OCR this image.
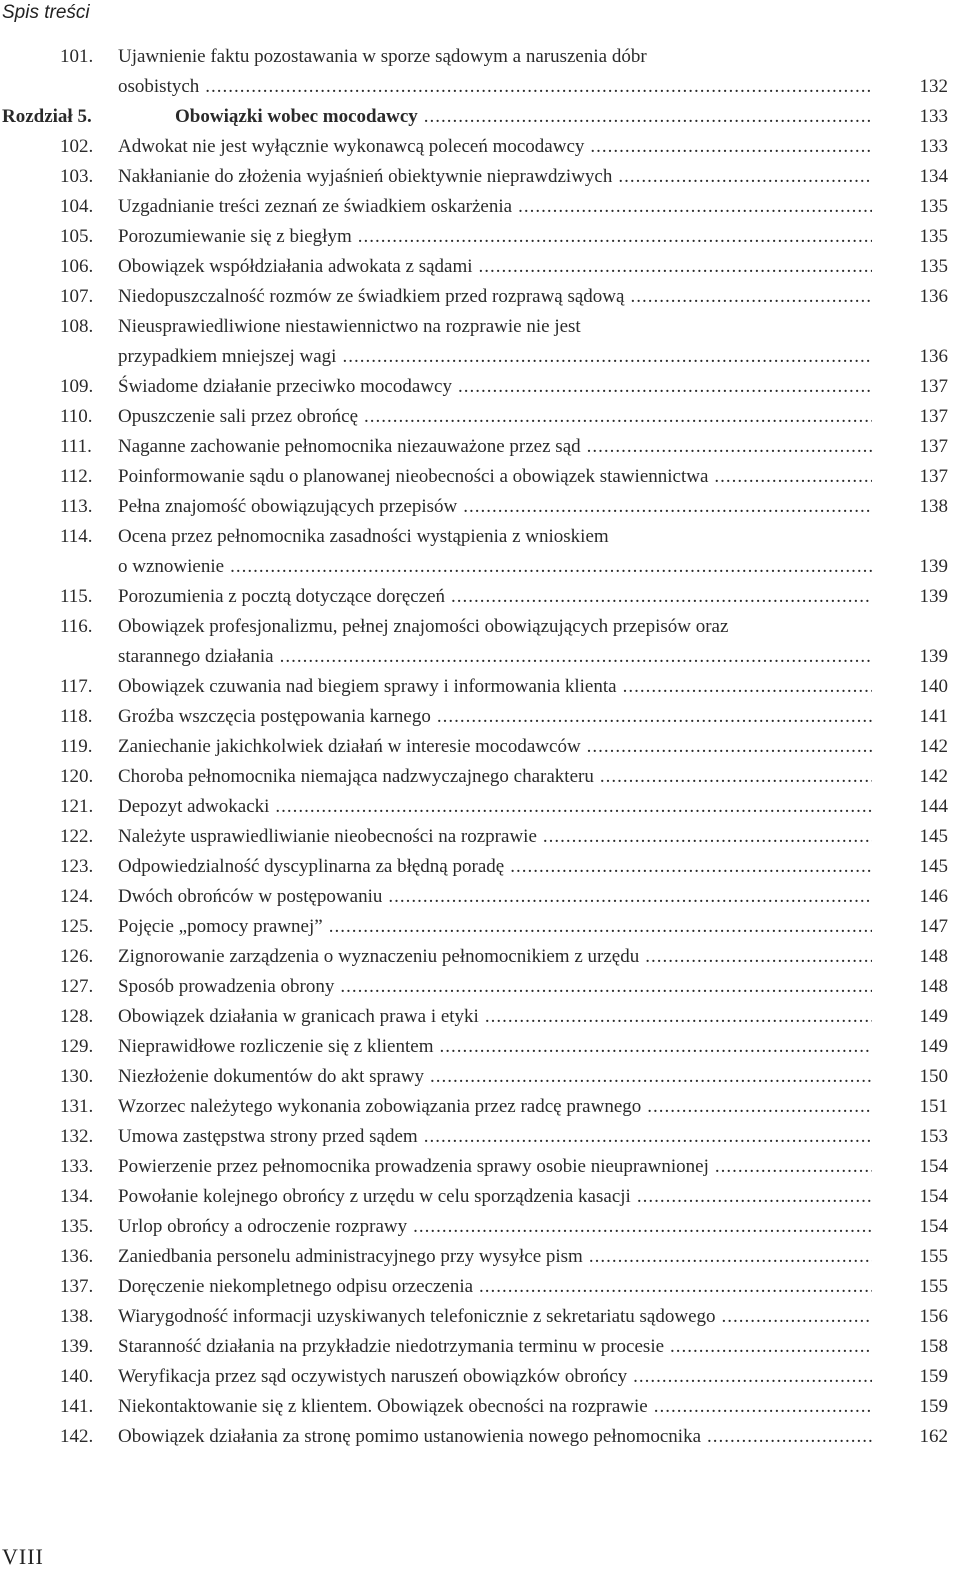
Spis treści
101.	Ujawnienie faktu pozostawania w sporze sądowym a naruszenia dóbr
osobistych .....	132
Rozdział 5.	Obowiązki wobec mocodawcy .....	133
102.	Adwokat nie jest wyłącznie wykonawcą poleceń mocodawcy .....	133
103.	Nakłanianie do złożenia wyjaśnień obiektywnie nieprawdziwych .....	134
104.	Uzgadnianie treści zeznań ze świadkiem oskarżenia .....	135
105.	Porozumiewanie się z biegłym .....	135
106.	Obowiązek współdziałania adwokata z sądami .....	135
107.	Niedopuszczalność rozmów ze świadkiem przed rozprawą sądową .....	136
108.	Nieusprawiedliwione niestawiennictwo na rozprawie nie jest
przypadkiem mniejszej wagi .....	136
109.	Świadome działanie przeciwko mocodawcy .....	137
110.	Opuszczenie sali przez obrońcę .....	137
111.	Naganne zachowanie pełnomocnika niezauważone przez sąd .....	137
112.	Poinformowanie sądu o planowanej nieobecności a obowiązek stawiennictwa .....	137
113.	Pełna znajomość obowiązujących przepisów .....	138
114.	Ocena przez pełnomocnika zasadności wystąpienia z wnioskiem
o wznowienie .....	139
115.	Porozumienia z pocztą dotyczące doręczeń .....	139
116.	Obowiązek profesjonalizmu, pełnej znajomości obowiązujących przepisów oraz
starannego działania .....	139
117.	Obowiązek czuwania nad biegiem sprawy i informowania klienta .....	140
118.	Groźba wszczęcia postępowania karnego .....	141
119.	Zaniechanie jakichkolwiek działań w interesie mocodawców .....	142
120.	Choroba pełnomocnika niemająca nadzwyczajnego charakteru .....	142
121.	Depozyt adwokacki .....	144
122.	Należyte usprawiedliwianie nieobecności na rozprawie .....	145
123.	Odpowiedzialność dyscyplinarna za błędną poradę .....	145
124.	Dwóch obrońców w postępowaniu .....	146
125.	Pojęcie „pomocy prawnej” .....	147
126.	Zignorowanie zarządzenia o wyznaczeniu pełnomocnikiem z urzędu .....	148
127.	Sposób prowadzenia obrony .....	148
128.	Obowiązek działania w granicach prawa i etyki .....	149
129.	Nieprawidłowe rozliczenie się z klientem .....	149
130.	Niezłożenie dokumentów do akt sprawy .....	150
131.	Wzorzec należytego wykonania zobowiązania przez radcę prawnego .....	151
132.	Umowa zastępstwa strony przed sądem .....	153
133.	Powierzenie przez pełnomocnika prowadzenia sprawy osobie nieuprawnionej .....	154
134.	Powołanie kolejnego obrońcy z urzędu w celu sporządzenia kasacji .....	154
135.	Urlop obrońcy a odroczenie rozprawy .....	154
136.	Zaniedbania personelu administracyjnego przy wysyłce pism .....	155
137.	Doręczenie niekompletnego odpisu orzeczenia .....	155
138.	Wiarygodność informacji uzyskiwanych telefonicznie z sekretariatu sądowego .....	156
139.	Staranność działania na przykładzie niedotrzymania terminu w procesie .....	158
140.	Weryfikacja przez sąd oczywistych naruszeń obowiązków obrońcy .....	159
141.	Niekontaktowanie się z klientem. Obowiązek obecności na rozprawie .....	159
142.	Obowiązek działania za stronę pomimo ustanowienia nowego pełnomocnika .....	162
VIII
